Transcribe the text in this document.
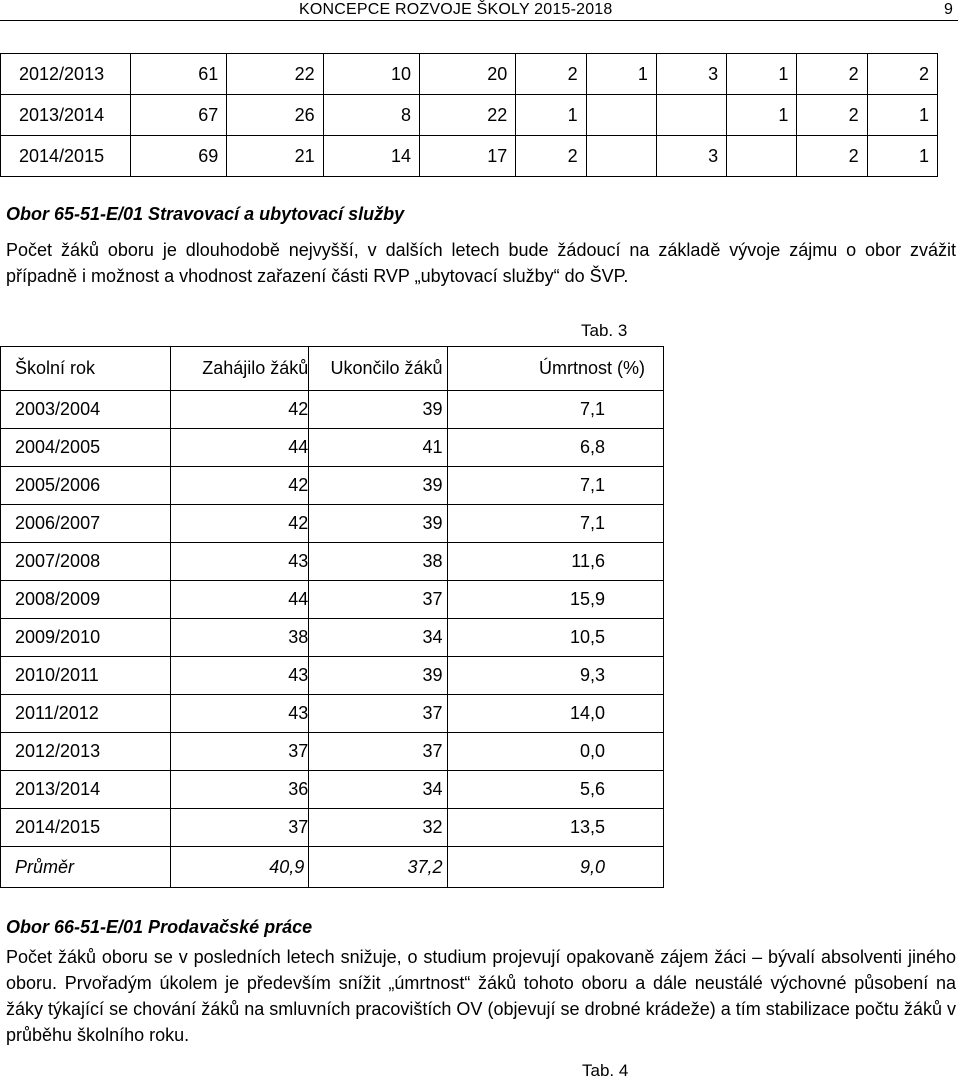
KONCEPCE ROZVOJE ŠKOLY 2015-2018	9
2012/2013	61	22	10	20	2	1	3	1	2	2
2013/2014	67	26	8	22	1			1	2	1
2014/2015	69	21	14	17	2		3		2	1
Obor 65-51-E/01 Stravovací a ubytovací služby
Počet žáků oboru je dlouhodobě nejvyšší, v dalších letech bude žádoucí na základě vývoje zájmu o obor zvážit případně i možnost a vhodnost zařazení části RVP „ubytovací služby“ do ŠVP.
Tab. 3
Školní rok	Zahájilo žáků	Ukončilo žáků	Úmrtnost (%)
2003/2004	42	39	7,1
2004/2005	44	41	6,8
2005/2006	42	39	7,1
2006/2007	42	39	7,1
2007/2008	43	38	11,6
2008/2009	44	37	15,9
2009/2010	38	34	10,5
2010/2011	43	39	9,3
2011/2012	43	37	14,0
2012/2013	37	37	0,0
2013/2014	36	34	5,6
2014/2015	37	32	13,5
Průměr	40,9	37,2	9,0
Obor 66-51-E/01 Prodavačské práce
Počet žáků oboru se v posledních letech snižuje, o studium projevují opakovaně zájem žáci – bývalí absolventi jiného oboru. Prvořadým úkolem je především snížit „úmrtnost“ žáků tohoto oboru a dále neustálé výchovné působení na žáky týkající se chování žáků na smluvních pracovištích OV (objevují se drobné krádeže) a tím stabilizace počtu žáků v průběhu školního roku.
Tab. 4
